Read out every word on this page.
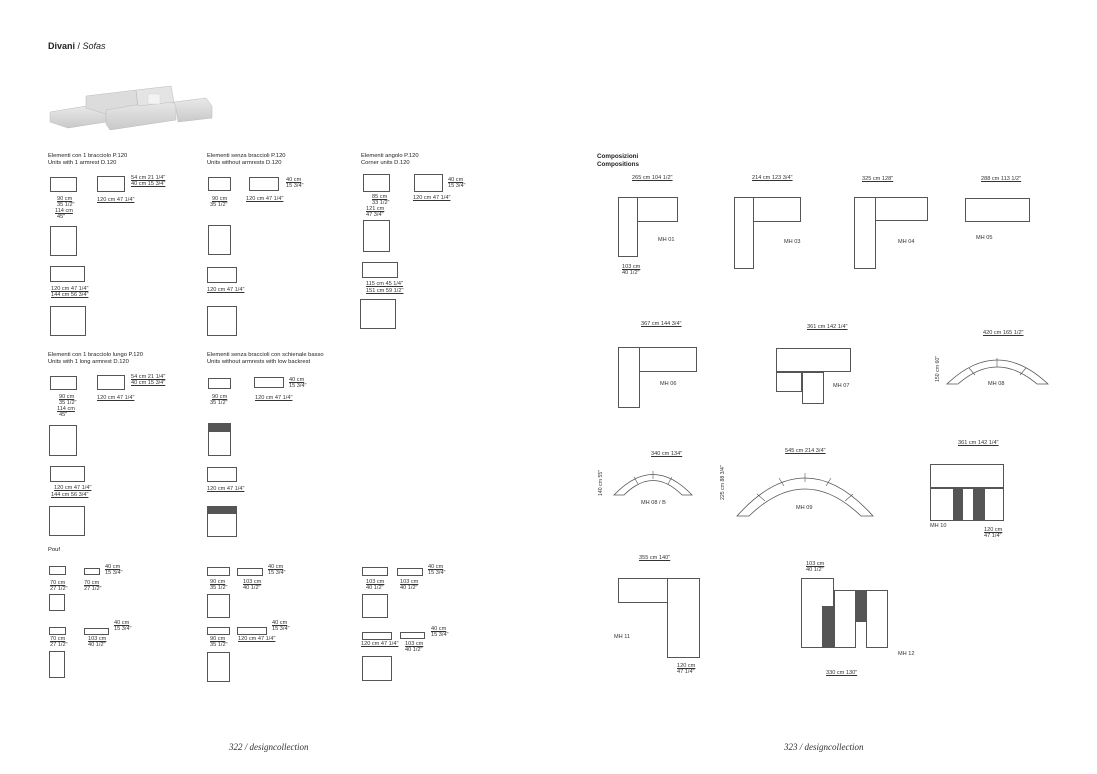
Divani / Sofas
Elementi con 1 bracciolo P.120
Units with 1 armrest D.120
54 cm 21 1/4"
40 cm 15 3/4"
90 cm
35 1/2"
114 cm
45"
120 cm 47 1/4"
120 cm 47 1/4"
144 cm 56 3/4"
Elementi senza braccioli P.120
Units without armrests D.120
40 cm
15 3/4"
90 cm
35 1/2"
120 cm 47 1/4"
120 cm 47 1/4"
Elementi angolo P.120
Corner units D.120
40 cm
15 3/4"
85 cm
33 1/2"
121 cm
47 3/4"
120 cm 47 1/4"
115 cm 45 1/4"
151 cm 59 1/2"
Elementi con 1 bracciolo lungo P.120
Units with 1 long armrest D.120
54 cm 21 1/4"
40 cm 15 3/4"
90 cm
35 1/2"
114 cm
45"
120 cm 47 1/4"
120 cm 47 1/4"
144 cm 56 3/4"
Elementi senza braccioli con schienale basso
Units without armrests with low backrest
40 cm
15 3/4"
90 cm
35 1/2"
120 cm 47 1/4"
120 cm 47 1/4"
Pouf
40 cm
15 3/4"
70 cm
27 1/2"
70 cm
27 1/2"
40 cm
15 3/4"
70 cm
27 1/2"
103 cm
40 1/2"
40 cm
15 3/4"
90 cm
35 1/2"
103 cm
40 1/2"
40 cm
15 3/4"
90 cm
35 1/2"
120 cm 47 1/4"
40 cm
15 3/4"
103 cm
40 1/2"
103 cm
40 1/2"
40 cm
15 3/4"
120 cm 47 1/4" 103 cm
40 1/2"
Composizioni
Compositions
265 cm 104 1/2"
MH 01
103 cm
40 1/2"
214 cm 123 3/4"
MH 03
325 cm 128"
MH 04
288 cm 113 1/2"
MH 05
367 cm 144 3/4"
MH 06
361 cm 142 1/4"
MH 07
420 cm 165 1/2"
150 cm 60"
MH 08
340 cm 134"
140 cm 55"
MH 08 / B
545 cm 214 3/4"
225 cm 88 3/4"
MH 09
361 cm 142 1/4"
MH 10
120 cm
47 1/4"
355 cm 140"
MH 11
120 cm
47 1/4"
103 cm
40 1/2"
MH 12
330 cm 130"
322 / designcollection	323 / designcollection
